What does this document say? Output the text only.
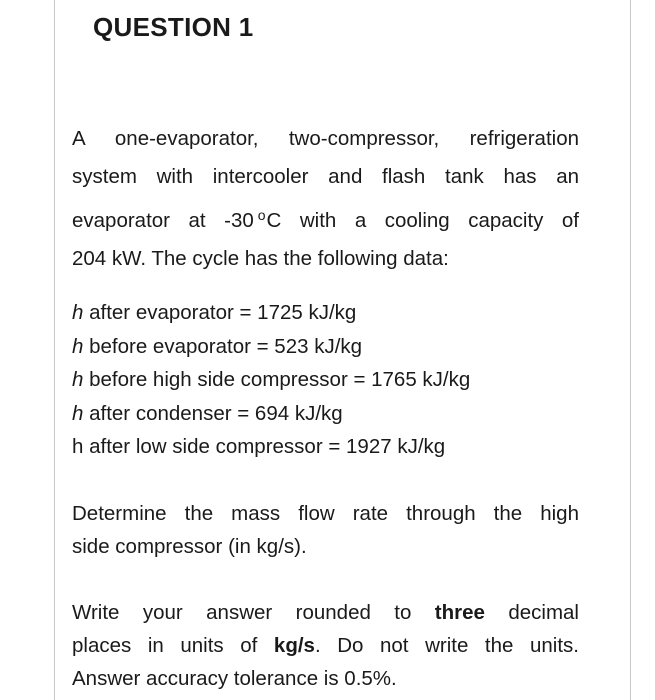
QUESTION 1

A one-evaporator, two-compressor, refrigeration
system with intercooler and flash tank has an
evaporator at -30 $^o$C with a cooling capacity of
204 kW. The cycle has the following data:

h after evaporator = 1725 kJ/kg
h before evaporator = 523 kJ/kg
h before high side compressor = 1765 kJ/kg
h after condenser = 694 kJ/kg
h after low side compressor = 1927 kJ/kg

Determine the mass flow rate through the high
side compressor (in kg/s).

Write your answer rounded to three decimal
places in units of kg/s. Do not write the units.
Answer accuracy tolerance is 0.5%.
